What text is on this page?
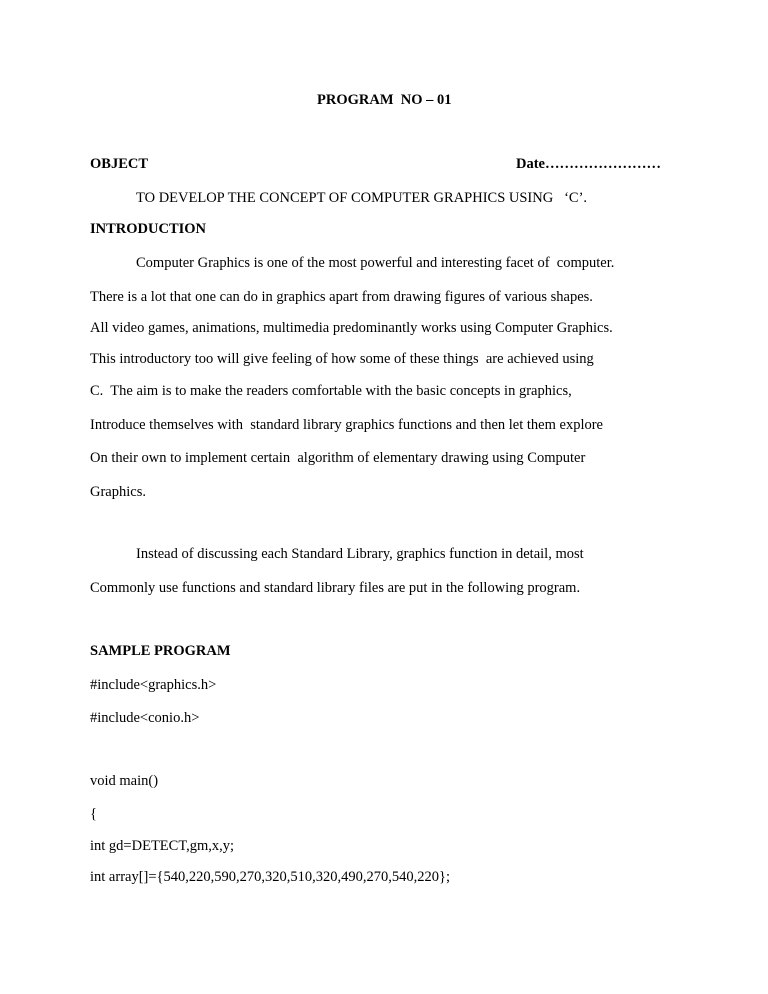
PROGRAM  NO – 01
OBJECT	Date……………………
TO DEVELOP THE CONCEPT OF COMPUTER GRAPHICS USING   ‘C’.
INTRODUCTION
Computer Graphics is one of the most powerful and interesting facet of  computer.
There is a lot that one can do in graphics apart from drawing figures of various shapes.
All video games, animations, multimedia predominantly works using Computer Graphics.
This introductory too will give feeling of how some of these things  are achieved using
C.  The aim is to make the readers comfortable with the basic concepts in graphics,
Introduce themselves with  standard library graphics functions and then let them explore
On their own to implement certain  algorithm of elementary drawing using Computer
Graphics.
Instead of discussing each Standard Library, graphics function in detail, most
Commonly use functions and standard library files are put in the following program.
SAMPLE PROGRAM
#include<graphics.h>
#include<conio.h>
void main()
{
int gd=DETECT,gm,x,y;
int array[]={540,220,590,270,320,510,320,490,270,540,220};
